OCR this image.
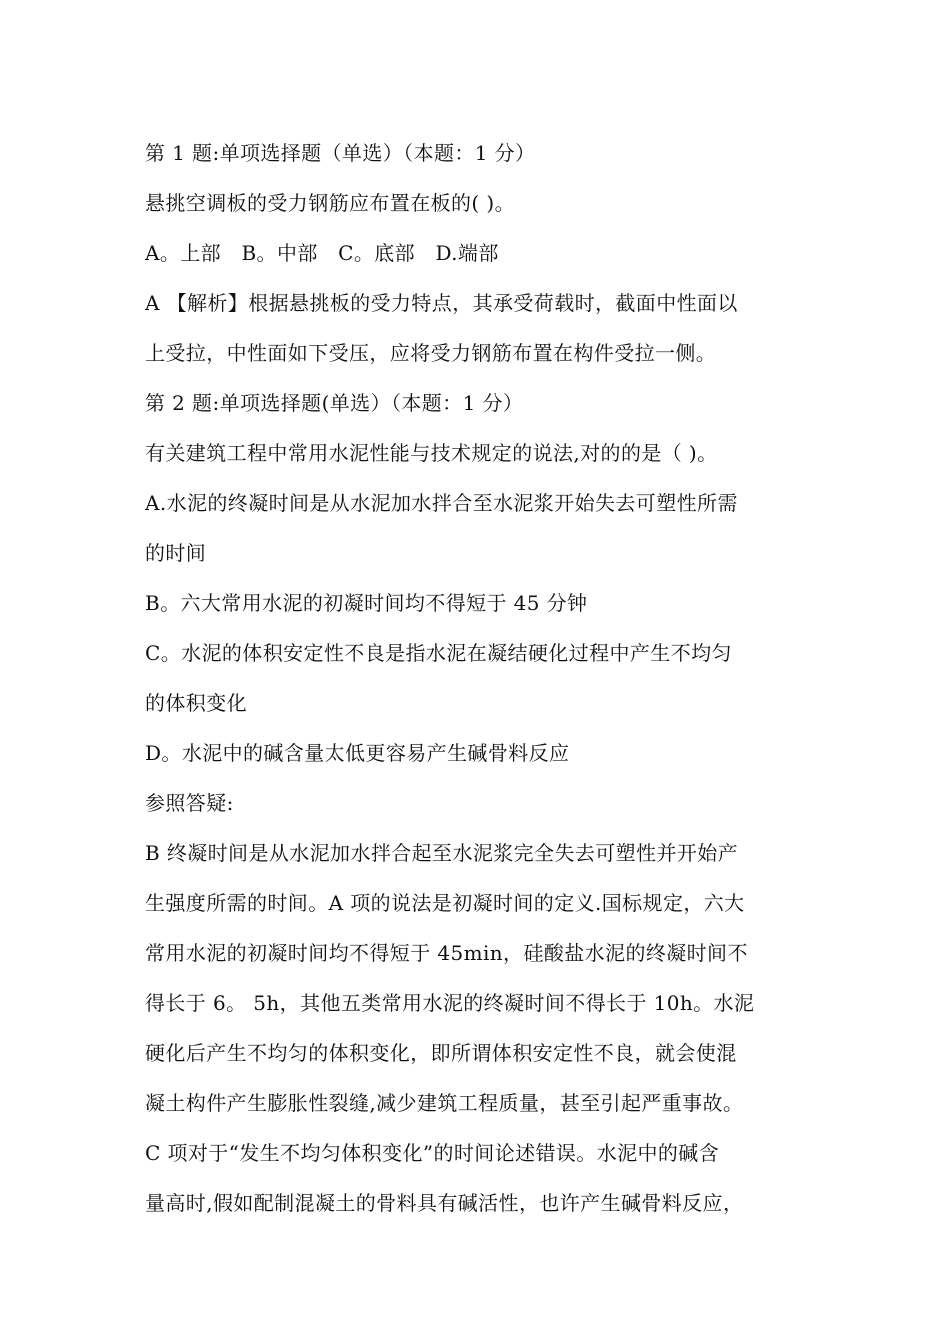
第 1 题:单项选择题（单选）（本题：1 分）
悬挑空调板的受力钢筋应布置在板的( )。
A。上部　B。中部　C。底部　D.端部
A 【解析】根据悬挑板的受力特点，其承受荷载时，截面中性面以
上受拉，中性面如下受压，应将受力钢筋布置在构件受拉一侧。
第 2 题:单项选择题(单选）（本题：1 分）
有关建筑工程中常用水泥性能与技术规定的说法,对的的是（ )。
A.水泥的终凝时间是从水泥加水拌合至水泥浆开始失去可塑性所需
的时间
B。六大常用水泥的初凝时间均不得短于 45 分钟
C。水泥的体积安定性不良是指水泥在凝结硬化过程中产生不均匀
的体积变化
D。水泥中的碱含量太低更容易产生碱骨料反应
参照答疑:
B 终凝时间是从水泥加水拌合起至水泥浆完全失去可塑性并开始产
生强度所需的时间。A 项的说法是初凝时间的定义.国标规定，六大
常用水泥的初凝时间均不得短于 45min，硅酸盐水泥的终凝时间不
得长于 6。 5h，其他五类常用水泥的终凝时间不得长于 10h。水泥
硬化后产生不均匀的体积变化，即所谓体积安定性不良，就会使混
凝土构件产生膨胀性裂缝,减少建筑工程质量，甚至引起严重事故。
C 项对于“发生不均匀体积变化”的时间论述错误。水泥中的碱含
量高时,假如配制混凝土的骨料具有碱活性，也许产生碱骨料反应，
